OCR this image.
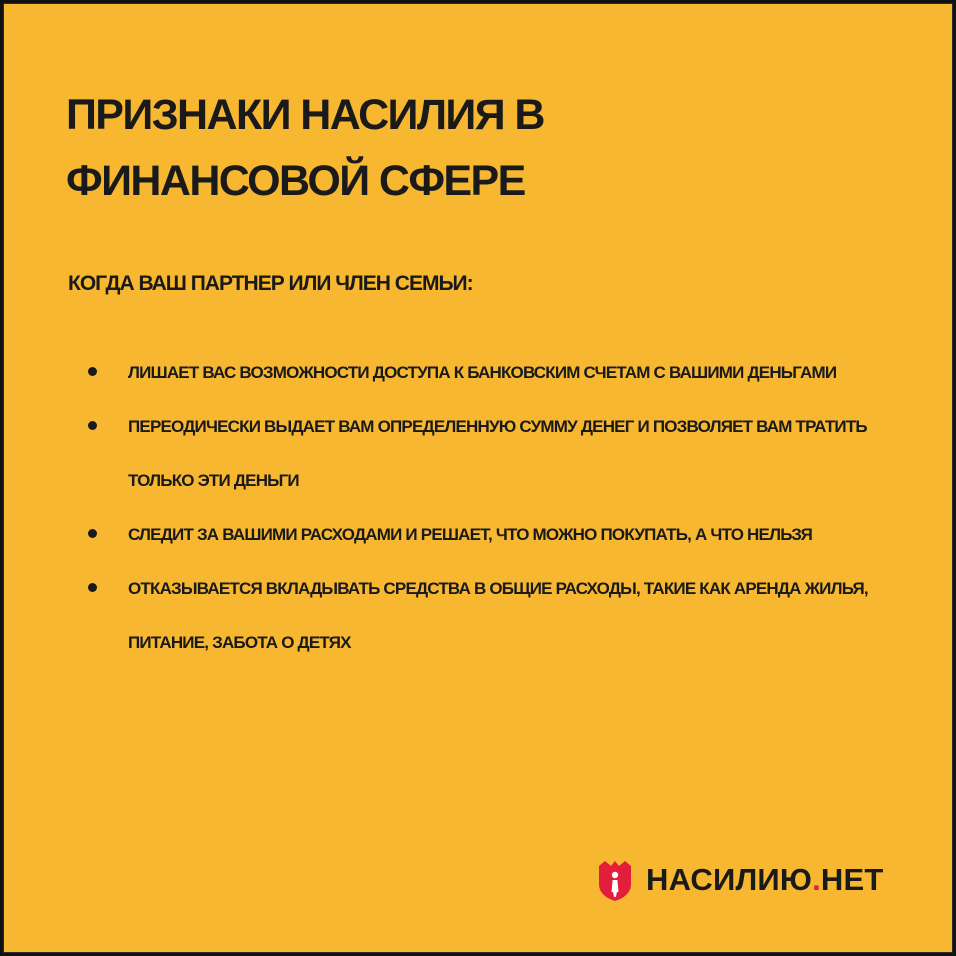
ПРИЗНАКИ НАСИЛИЯ В ФИНАНСОВОЙ СФЕРЕ
КОГДА ВАШ ПАРТНЕР ИЛИ ЧЛЕН СЕМЬИ:
ЛИШАЕТ ВАС ВОЗМОЖНОСТИ ДОСТУПА К БАНКОВСКИМ СЧЕТАМ С ВАШИМИ ДЕНЬГАМИ
ПЕРЕОДИЧЕСКИ ВЫДАЕТ ВАМ ОПРЕДЕЛЕННУЮ СУММУ ДЕНЕГ И ПОЗВОЛЯЕТ ВАМ ТРАТИТЬ ТОЛЬКО ЭТИ ДЕНЬГИ
СЛЕДИТ ЗА ВАШИМИ РАСХОДАМИ И РЕШАЕТ, ЧТО МОЖНО ПОКУПАТЬ, А ЧТО НЕЛЬЗЯ
ОТКАЗЫВАЕТСЯ ВКЛАДЫВАТЬ СРЕДСТВА В ОБЩИЕ РАСХОДЫ, ТАКИЕ КАК АРЕНДА ЖИЛЬЯ, ПИТАНИЕ, ЗАБОТА О ДЕТЯХ
НАСИЛИЮ.НЕТ
